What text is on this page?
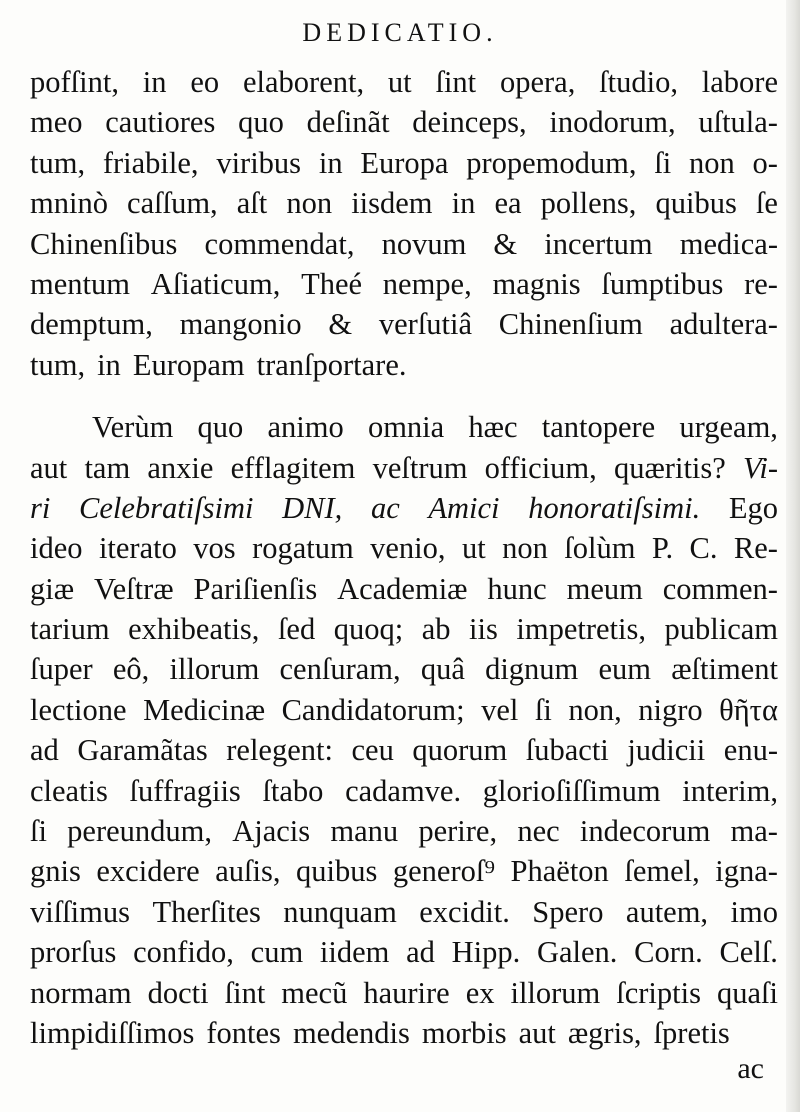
DEDICATIO.
pofſint, in eo elaborent, ut ſint opera, ſtudio, labore
meo cautiores quo deſinãt deinceps, inodorum, uſtula-
tum, friabile, viribus in Europa propemodum, ſi non o-
mninò caſſum, aſt non iisdem in ea pollens, quibus ſe
Chinenſibus commendat, novum & incertum medica-
mentum Aſiaticum, Theé nempe, magnis ſumptibus re-
demptum, mangonio & verſutiâ Chinenſium adultera-
tum, in Europam tranſportare.
Verùm quo animo omnia hæc tantopere urgeam,
aut tam anxie efflagitem veſtrum officium, quæritis? Vi-
ri Celebratiſsimi DNI, ac Amici honoratiſsimi. Ego
ideo iterato vos rogatum venio, ut non ſolùm P. C. Re-
giæ Veſtræ Pariſienſis Academiæ hunc meum commen-
tarium exhibeatis, ſed quoq; ab iis impetretis, publicam
ſuper eô, illorum cenſuram, quâ dignum eum æſtiment
lectione Medicinæ Candidatorum; vel ſi non, nigro θῆτα
ad Garamãtas relegent: ceu quorum ſubacti judicii enu-
cleatis ſuffragiis ſtabo cadamve. glorioſiſſimum interim,
ſi pereundum, Ajacis manu perire, nec indecorum ma-
gnis excidere auſis, quibus generoſ⁹ Phaëton ſemel, igna-
viſſimus Therſites nunquam excidit. Spero autem, imo
prorſus confido, cum iidem ad Hipp. Galen. Corn. Celſ.
normam docti ſint mecũ haurire ex illorum ſcriptis quaſi
limpidiſſimos fontes medendis morbis aut ægris, ſpretis
ac
